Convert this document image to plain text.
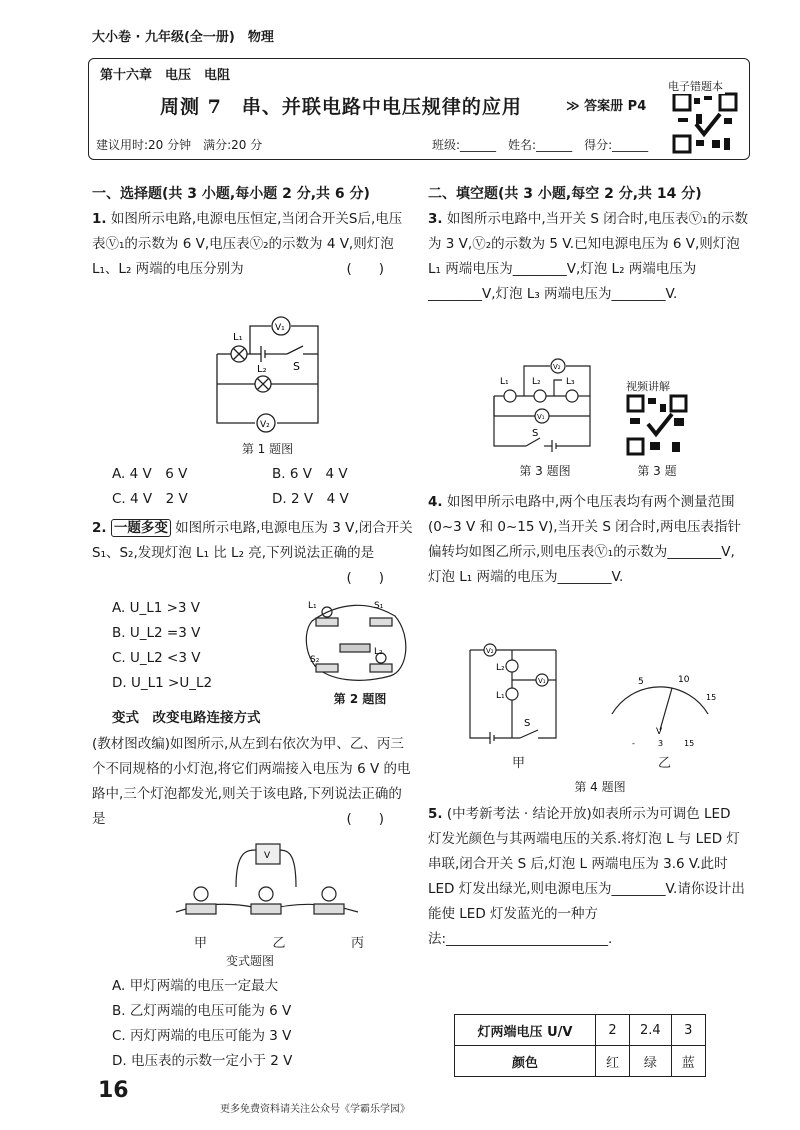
大小卷 · 九年级(全一册)　物理
第十六章　电压　电阻
周测 7　串、并联电路中电压规律的应用	≫ 答案册 P4
建议用时:20 分钟　满分:20 分	班级:______　姓名:______　得分:______
电子错题本
一、选择题(共 3 小题,每小题 2 分,共 6 分)
1. 如图所示电路,电源电压恒定,当闭合开关S后,电压表Ⓥ₁的示数为 6 V,电压表Ⓥ₂的示数为 4 V,则灯泡 L₁、L₂ 两端的电压分别为	(　　)
V₁
V₂
L₁
L₂ S
第 1 题图
A. 4 V　6 V	B. 6 V　4 V
C. 4 V　2 V	D. 2 V　4 V
2. 一题多变 如图所示电路,电源电压为 3 V,闭合开关 S₁、S₂,发现灯泡 L₁ 比 L₂ 亮,下列说法正确的是
(　　)
A. U_L1 >3 V
B. U_L2 =3 V
C. U_L2 <3 V
D. U_L1 >U_L2
L₁	S₁
S₂
L₂
第 2 题图
变式　改变电路连接方式
(教材图改编)如图所示,从左到右依次为甲、乙、丙三个不同规格的小灯泡,将它们两端接入电压为 6 V 的电路中,三个灯泡都发光,则关于该电路,下列说法正确的是	(　　)
V
甲	乙	丙
变式题图
A. 甲灯两端的电压一定最大
B. 乙灯两端的电压可能为 6 V
C. 丙灯两端的电压可能为 3 V
D. 电压表的示数一定小于 2 V
二、填空题(共 3 小题,每空 2 分,共 14 分)
3. 如图所示电路中,当开关 S 闭合时,电压表Ⓥ₁的示数为 3 V,Ⓥ₂的示数为 5 V.已知电源电压为 6 V,则灯泡 L₁ 两端电压为________V,灯泡 L₂ 两端电压为________V,灯泡 L₃ 两端电压为________V.
L₁	L₂	L₃
V₂
V₁
S
第 3 题图
视频讲解
第 3 题
4. 如图甲所示电路中,两个电压表均有两个测量范围(0~3 V 和 0~15 V),当开关 S 闭合时,两电压表指针偏转均如图乙所示,则电压表Ⓥ₁的示数为________V,灯泡 L₁ 两端的电压为________V.
V₂
V₁
L₂
L₁
S
5	10
15
V
-	3	15
甲	乙
第 4 题图
5. (中考新考法 · 结论开放)如表所示为可调色 LED 灯发光颜色与其两端电压的关系.将灯泡 L 与 LED 灯串联,闭合开关 S 后,灯泡 L 两端电压为 3.6 V.此时 LED 灯发出绿光,则电源电压为________V.请你设计出能使 LED 灯发蓝光的一种方法:________________________.
灯两端电压 U/V	2	2.4	3
颜色	红	绿	蓝
16
更多免费资料请关注公众号《学霸乐学园》
